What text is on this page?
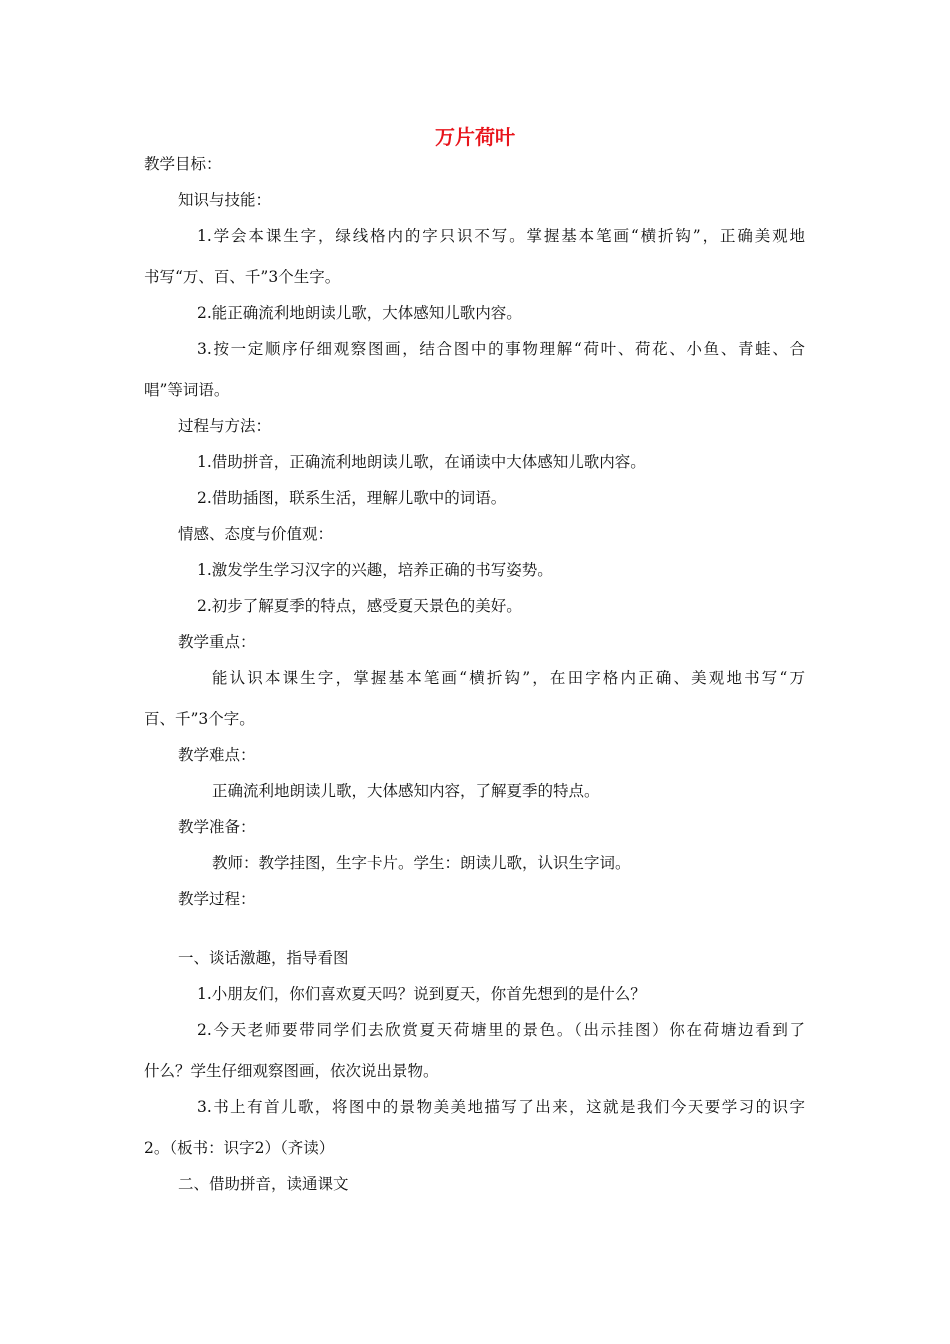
万片荷叶
教学目标：
知识与技能：
1.学会本课生字，绿线格内的字只识不写。掌握基本笔画“横折钩”，正确美观地
书写“万、百、千”3个生字。
2.能正确流利地朗读儿歌，大体感知儿歌内容。
3.按一定顺序仔细观察图画，结合图中的事物理解“荷叶、荷花、小鱼、青蛙、合
唱”等词语。
过程与方法：
1.借助拼音，正确流利地朗读儿歌，在诵读中大体感知儿歌内容。
2.借助插图，联系生活，理解儿歌中的词语。
情感、态度与价值观：
1.激发学生学习汉字的兴趣，培养正确的书写姿势。
2.初步了解夏季的特点，感受夏天景色的美好。
教学重点：
能认识本课生字，掌握基本笔画“横折钩”，在田字格内正确、美观地书写“万
百、千”3个字。
教学难点：
正确流利地朗读儿歌，大体感知内容，了解夏季的特点。
教学准备：
教师：教学挂图，生字卡片。学生：朗读儿歌，认识生字词。
教学过程：
一、谈话激趣，指导看图
1.小朋友们，你们喜欢夏天吗？说到夏天，你首先想到的是什么？
2.今天老师要带同学们去欣赏夏天荷塘里的景色。（出示挂图）你在荷塘边看到了
什么？学生仔细观察图画，依次说出景物。
3.书上有首儿歌，将图中的景物美美地描写了出来，这就是我们今天要学习的识字
2。（板书：识字2）（齐读）
二、借助拼音，读通课文
